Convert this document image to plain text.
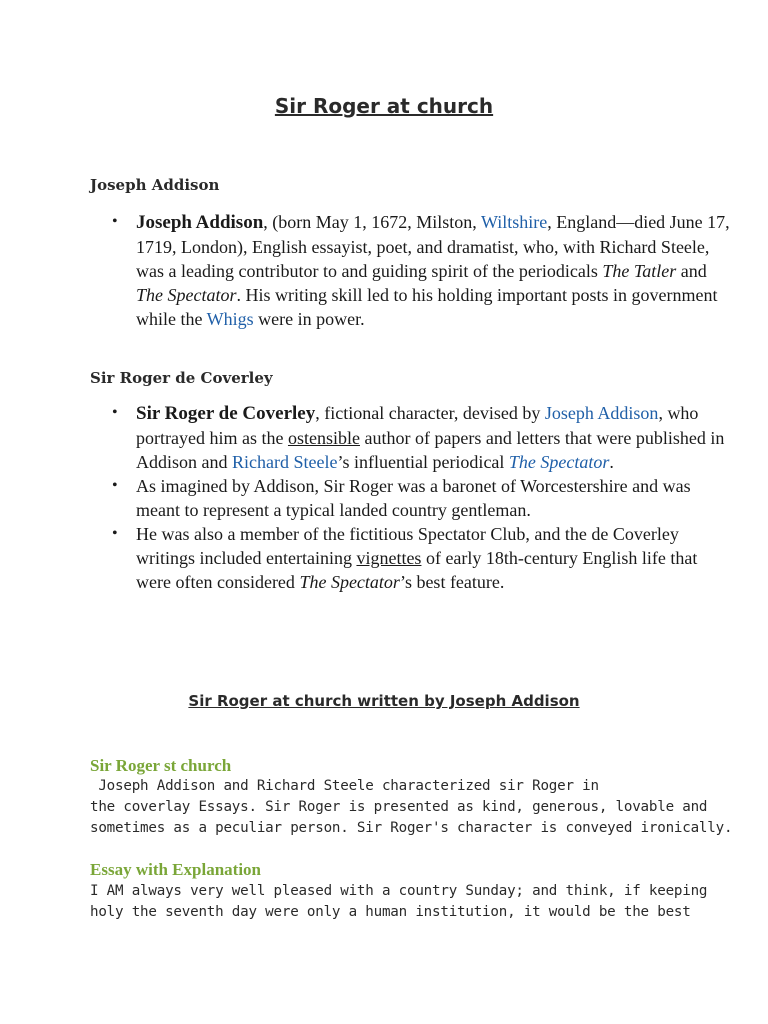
Sir Roger at church
Joseph Addison
• Joseph Addison, (born May 1, 1672, Milston, Wiltshire, England—died June 17, 1719, London), English essayist, poet, and dramatist, who, with Richard Steele, was a leading contributor to and guiding spirit of the periodicals The Tatler and The Spectator. His writing skill led to his holding important posts in government while the Whigs were in power.
Sir Roger de Coverley
• Sir Roger de Coverley, fictional character, devised by Joseph Addison, who portrayed him as the ostensible author of papers and letters that were published in Addison and Richard Steele’s influential periodical The Spectator.
• As imagined by Addison, Sir Roger was a baronet of Worcestershire and was meant to represent a typical landed country gentleman.
• He was also a member of the fictitious Spectator Club, and the de Coverley writings included entertaining vignettes of early 18th-century English life that were often considered The Spectator’s best feature.
Sir Roger at church written by Joseph Addison
Sir Roger st church
Joseph Addison and Richard Steele characterized sir Roger in
the coverlay Essays. Sir Roger is presented as kind, generous, lovable and
sometimes as a peculiar person. Sir Roger's character is conveyed ironically.
Essay with Explanation
I AM always very well pleased with a country Sunday; and think, if keeping
holy the seventh day were only a human institution, it would be the best
